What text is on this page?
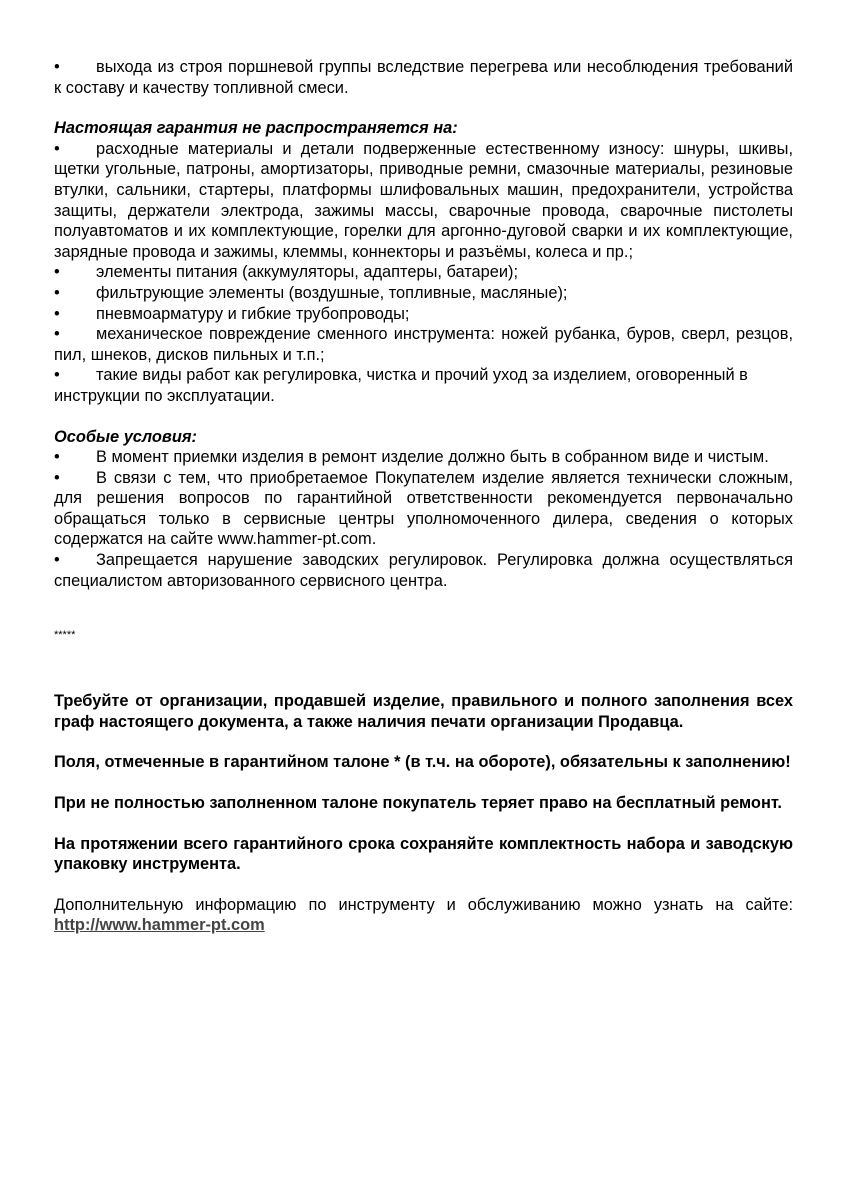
• выхода из строя поршневой группы вследствие перегрева или несоблюдения требований к составу и качеству топливной смеси.
Настоящая гарантия не распространяется на:
• расходные материалы и детали подверженные естественному износу: шнуры, шкивы, щетки угольные, патроны, амортизаторы, приводные ремни, смазочные материалы, резиновые втулки, сальники, стартеры, платформы шлифовальных машин, предохранители, устройства защиты, держатели электрода, зажимы массы, сварочные провода, сварочные пистолеты полуавтоматов и их комплектующие, горелки для аргонно-дуговой сварки и их комплектующие, зарядные провода и зажимы, клеммы, коннекторы и разъёмы, колеса и пр.;
• элементы питания (аккумуляторы, адаптеры, батареи);
• фильтрующие элементы (воздушные, топливные, масляные);
• пневмоарматуру и гибкие трубопроводы;
• механическое повреждение сменного инструмента: ножей рубанка, буров, сверл, резцов, пил, шнеков, дисков пильных и т.п.;
• такие виды работ как регулировка, чистка и прочий уход за изделием, оговоренный в инструкции по эксплуатации.
Особые условия:
• В момент приемки изделия в ремонт изделие должно быть в собранном виде и чистым.
• В связи с тем, что приобретаемое Покупателем изделие является технически сложным, для решения вопросов по гарантийной ответственности рекомендуется первоначально обращаться только в сервисные центры уполномоченного дилера, сведения о которых содержатся на сайте www.hammer-pt.com.
• Запрещается нарушение заводских регулировок. Регулировка должна осуществляться специалистом авторизованного сервисного центра.
*****
Требуйте от организации, продавшей изделие, правильного и полного заполнения всех граф настоящего документа, а также наличия печати организации Продавца.
Поля, отмеченные в гарантийном талоне * (в т.ч. на обороте), обязательны к заполнению!
При не полностью заполненном талоне покупатель теряет право на бесплатный ремонт.
На протяжении всего гарантийного срока сохраняйте комплектность набора и заводскую упаковку инструмента.
Дополнительную информацию по инструменту и обслуживанию можно узнать на сайте: http://www.hammer-pt.com
